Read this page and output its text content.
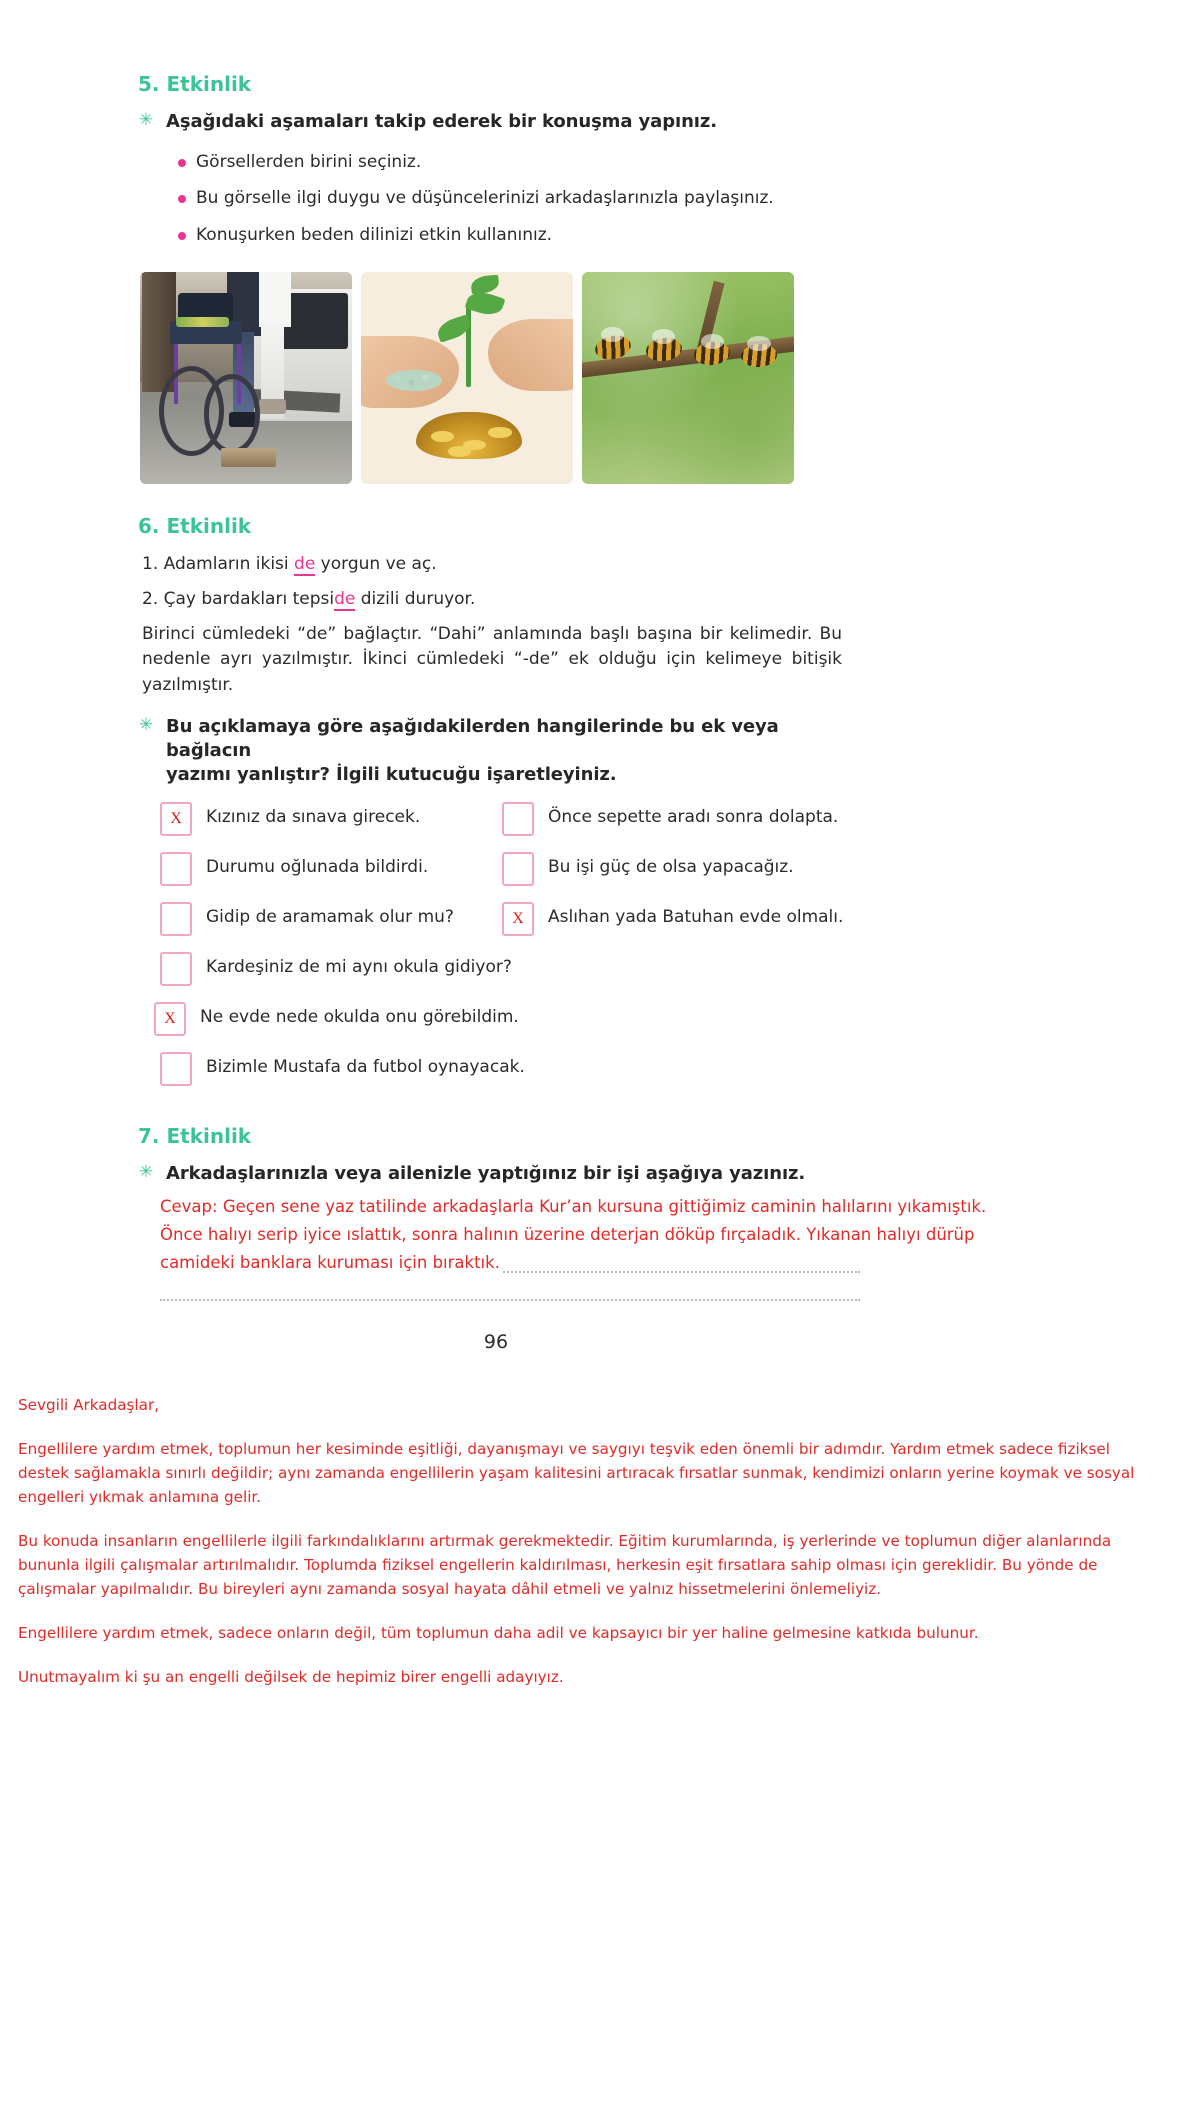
5. Etkinlik
✳ Aşağıdaki aşamaları takip ederek bir konuşma yapınız.
Görsellerden birini seçiniz.
Bu görselle ilgi duygu ve düşüncelerinizi arkadaşlarınızla paylaşınız.
Konuşurken beden dilinizi etkin kullanınız.
6. Etkinlik

1. Adamların ikisi de yorgun ve aç.

2. Çay bardakları tepside dizili duruyor.

Birinci cümledeki “de” bağlaçtır. “Dahi” anlamında başlı başına bir kelimedir. Bu nedenle ayrı yazılmıştır. İkinci cümledeki “-de” ek olduğu için kelimeye bitişik yazılmıştır.

✳ Bu açıklamaya göre aşağıdakilerden hangilerinde bu ek veya bağlacın
yazımı yanlıştır? İlgili kutucuğu işaretleyiniz.
X	Kızınız da sınava girecek.	Önce sepette aradı sonra dolapta.
Durumu oğlunada bildirdi.	Bu işi güç de olsa yapacağız.
Gidip de aramamak olur mu?	X	Aslıhan yada Batuhan evde olmalı.
Kardeşiniz de mi aynı okula gidiyor?
X	Ne evde nede okulda onu görebildim.
Bizimle Mustafa da futbol oynayacak.
7. Etkinlik
✳ Arkadaşlarınızla veya ailenizle yaptığınız bir işi aşağıya yazınız.
Cevap: Geçen sene yaz tatilinde arkadaşlarla Kur’an kursuna gittiğimiz caminin halılarını yıkamıştık.
Önce halıyı serip iyice ıslattık, sonra halının üzerine deterjan döküp fırçaladık. Yıkanan halıyı dürüp
camideki banklara kuruması için bıraktık.
96

Sevgili Arkadaşlar,

Engellilere yardım etmek, toplumun her kesiminde eşitliği, dayanışmayı ve saygıyı teşvik eden önemli bir adımdır. Yardım etmek sadece fiziksel destek sağlamakla sınırlı değildir; aynı zamanda engellilerin yaşam kalitesini artıracak fırsatlar sunmak, kendimizi onların yerine koymak ve sosyal engelleri yıkmak anlamına gelir.

Bu konuda insanların engellilerle ilgili farkındalıklarını artırmak gerekmektedir. Eğitim kurumlarında, iş yerlerinde ve toplumun diğer alanlarında bununla ilgili çalışmalar artırılmalıdır. Toplumda fiziksel engellerin kaldırılması, herkesin eşit fırsatlara sahip olması için gereklidir. Bu yönde de çalışmalar yapılmalıdır. Bu bireyleri aynı zamanda sosyal hayata dâhil etmeli ve yalnız hissetmelerini önlemeliyiz.

Engellilere yardım etmek, sadece onların değil, tüm toplumun daha adil ve kapsayıcı bir yer haline gelmesine katkıda bulunur.

Unutmayalım ki şu an engelli değilsek de hepimiz birer engelli adayıyız.
